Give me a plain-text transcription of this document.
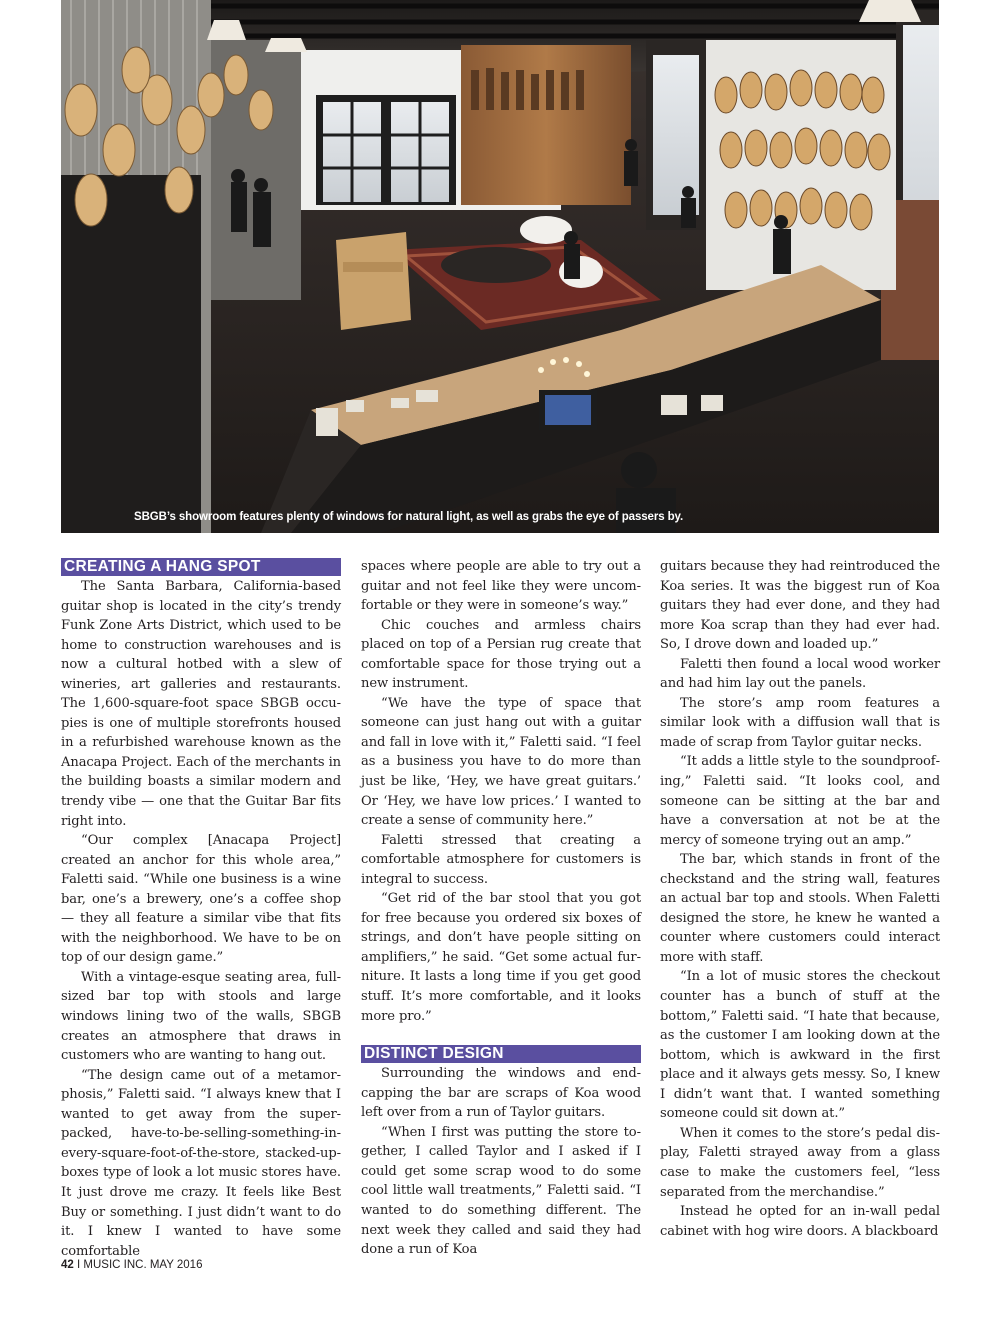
SBGB’s showroom features plenty of windows for natural light, as well as grabs the eye of passers by.
CREATING A HANG SPOT

The Santa Barbara, California-based guitar shop is located in the city’s trendy Funk Zone Arts District, which used to be home to construction warehouses and is now a cultural hotbed with a slew of wineries, art galleries and restaurants. The 1,600-square-foot space SBGB occupies is one of multiple storefronts housed in a refurbished warehouse known as the Anacapa Project. Each of the merchants in the building boasts a similar modern and trendy vibe — one that the Guitar Bar fits right into.

“Our complex [Anacapa Project] created an anchor for this whole area,” Faletti said. “While one business is a wine bar, one’s a brewery, one’s a coffee shop — they all feature a similar vibe that fits with the neighborhood. We have to be on top of our design game.”

With a vintage-esque seating area, full-sized bar top with stools and large windows lining two of the walls, SBGB creates an atmosphere that draws in customers who are wanting to hang out.

“The design came out of a metamorphosis,” Faletti said. “I always knew that I wanted to get away from the super-packed, have-to-be-selling-something-in-every-square-foot-of-the-store, stacked-up-boxes type of look a lot music stores have. It just drove me crazy. It feels like Best Buy or something. I just didn’t want to do it. I knew I wanted to have some comfortable

spaces where people are able to try out a guitar and not feel like they were uncomfortable or they were in someone’s way.”

Chic couches and armless chairs placed on top of a Persian rug create that comfortable space for those trying out a new instrument.

“We have the type of space that someone can just hang out with a guitar and fall in love with it,” Faletti said. “I feel as a business you have to do more than just be like, ‘Hey, we have great guitars.’ Or ‘Hey, we have low prices.’ I wanted to create a sense of community here.”

Faletti stressed that creating a comfortable atmosphere for customers is integral to success.

“Get rid of the bar stool that you got for free because you ordered six boxes of strings, and don’t have people sitting on amplifiers,” he said. “Get some actual furniture. It lasts a long time if you get good stuff. It’s more comfortable, and it looks more pro.”

DISTINCT DESIGN

Surrounding the windows and end-capping the bar are scraps of Koa wood left over from a run of Taylor guitars.

“When I first was putting the store together, I called Taylor and I asked if I could get some scrap wood to do some cool little wall treatments,” Faletti said. “I wanted to do something different. The next week they called and said they had done a run of Koa

guitars because they had reintroduced the Koa series. It was the biggest run of Koa guitars they had ever done, and they had more Koa scrap than they had ever had. So, I drove down and loaded up.”

Faletti then found a local wood worker and had him lay out the panels.

The store’s amp room features a similar look with a diffusion wall that is made of scrap from Taylor guitar necks.

“It adds a little style to the soundproofing,” Faletti said. “It looks cool, and someone can be sitting at the bar and have a conversation at not be at the mercy of someone trying out an amp.”

The bar, which stands in front of the checkstand and the string wall, features an actual bar top and stools. When Faletti designed the store, he knew he wanted a counter where customers could interact more with staff.

“In a lot of music stores the checkout counter has a bunch of stuff at the bottom,” Faletti said. “I hate that because, as the customer I am looking down at the bottom, which is awkward in the first place and it always gets messy. So, I knew I didn’t want that. I wanted something someone could sit down at.”

When it comes to the store’s pedal display, Faletti strayed away from a glass case to make the customers feel, “less separated from the merchandise.”

Instead he opted for an in-wall pedal cabinet with hog wire doors. A blackboard

42 I MUSIC INC. MAY 2016
